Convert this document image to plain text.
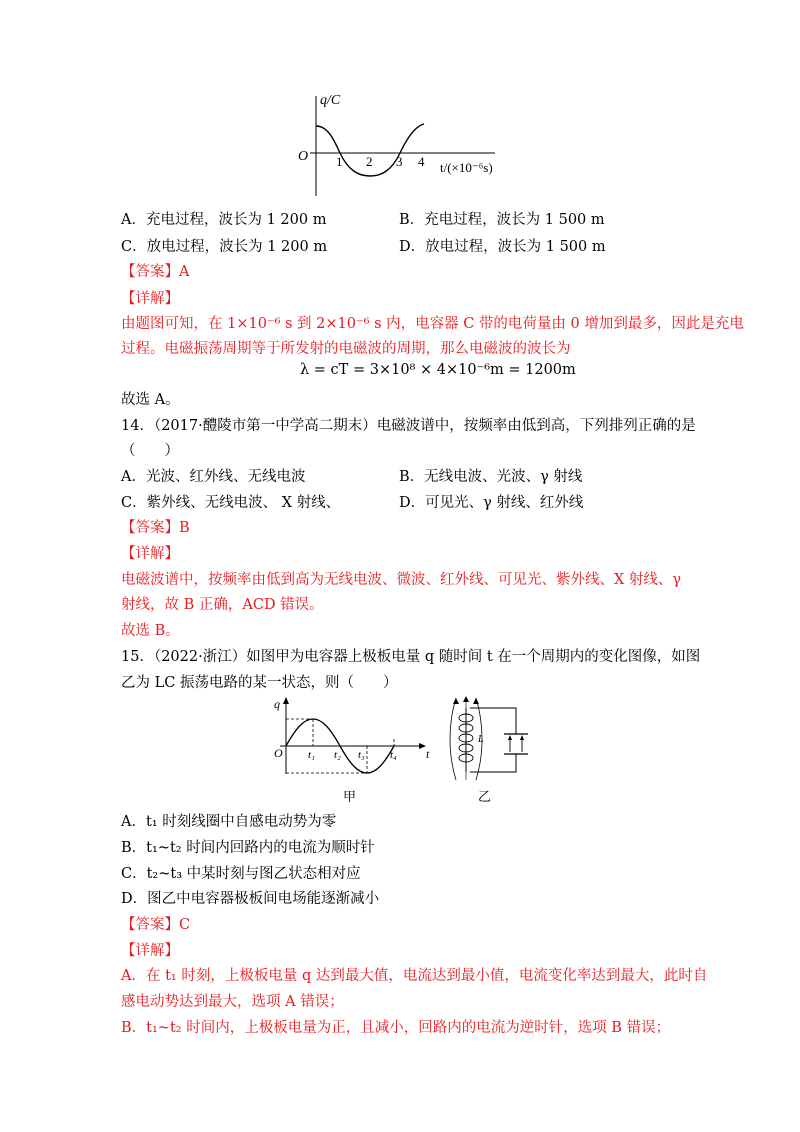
q/C
O 1 2 3 4 t/(×10⁻⁶s)
A．充电过程，波长为 1 200 m	B．充电过程，波长为 1 500 m
C．放电过程，波长为 1 200 m	D．放电过程，波长为 1 500 m
【答案】A
【详解】
由题图可知，在 1×10⁻⁶ s 到 2×10⁻⁶ s 内，电容器 C 带的电荷量由 0 增加到最多，因此是充电
过程。电磁振荡周期等于所发射的电磁波的周期，那么电磁波的波长为
λ = cT = 3×10⁸ × 4×10⁻⁶m = 1200m
故选 A。
14．（2017·醴陵市第一中学高二期末）电磁波谱中，按频率由低到高，下列排列正确的是
（　　）
A．光波、红外线、无线电波	B．无线电波、光波、γ 射线
C．紫外线、无线电波、 X 射线、	D．可见光、γ 射线、红外线
【答案】B
【详解】
电磁波谱中，按频率由低到高为无线电波、微波、红外线、可见光、紫外线、X 射线、γ
射线，故 B 正确，ACD 错误。
故选 B。
15．（2022·浙江）如图甲为电容器上极板电量 q 随时间 t 在一个周期内的变化图像，如图
乙为 LC 振荡电路的某一状态，则（　　）
q
O t₁ t₂ t₃ t₄ t
甲
L
乙
A．t₁ 时刻线圈中自感电动势为零
B．t₁~t₂ 时间内回路内的电流为顺时针
C．t₂~t₃ 中某时刻与图乙状态相对应
D．图乙中电容器极板间电场能逐渐减小
【答案】C
【详解】
A．在 t₁ 时刻，上极板电量 q 达到最大值，电流达到最小值，电流变化率达到最大，此时自
感电动势达到最大，选项 A 错误；
B．t₁~t₂ 时间内，上极板电量为正，且减小，回路内的电流为逆时针，选项 B 错误；
